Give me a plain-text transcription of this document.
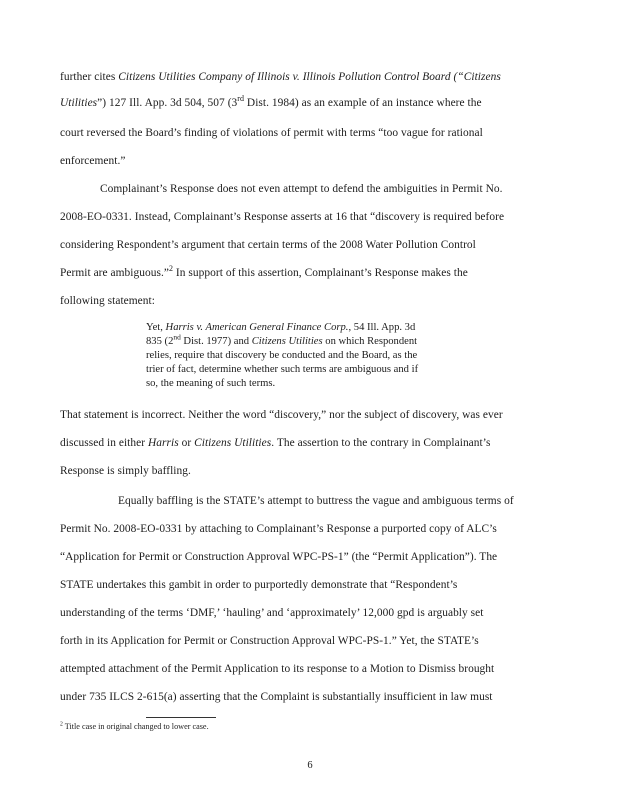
further cites Citizens Utilities Company of Illinois v. Illinois Pollution Control Board (“Citizens
Utilities”) 127 Ill. App. 3d 504, 507 (3rd Dist. 1984) as an example of an instance where the
court reversed the Board’s finding of violations of permit with terms “too vague for rational
enforcement.”
Complainant’s Response does not even attempt to defend the ambiguities in Permit No.
2008-EO-0331. Instead, Complainant’s Response asserts at 16 that “discovery is required before
considering Respondent’s argument that certain terms of the 2008 Water Pollution Control
Permit are ambiguous.”$^2$ In support of this assertion, Complainant’s Response makes the
following statement:
Yet, Harris v. American General Finance Corp., 54 Ill. App. 3d
835 (2nd Dist. 1977) and Citizens Utilities on which Respondent
relies, require that discovery be conducted and the Board, as the
trier of fact, determine whether such terms are ambiguous and if
so, the meaning of such terms.
That statement is incorrect. Neither the word “discovery,” nor the subject of discovery, was ever
discussed in either Harris or Citizens Utilities. The assertion to the contrary in Complainant’s
Response is simply baffling.
Equally baffling is the STATE’s attempt to buttress the vague and ambiguous terms of
Permit No. 2008-EO-0331 by attaching to Complainant’s Response a purported copy of ALC’s
“Application for Permit or Construction Approval WPC-PS-1” (the “Permit Application”). The
STATE undertakes this gambit in order to purportedly demonstrate that “Respondent’s
understanding of the terms ‘DMF,’ ‘hauling’ and ‘approximately’ 12,000 gpd is arguably set
forth in its Application for Permit or Construction Approval WPC-PS-1.” Yet, the STATE’s
attempted attachment of the Permit Application to its response to a Motion to Dismiss brought
under 735 ILCS 2-615(a) asserting that the Complaint is substantially insufficient in law must
$^2$ Title case in original changed to lower case.
6
